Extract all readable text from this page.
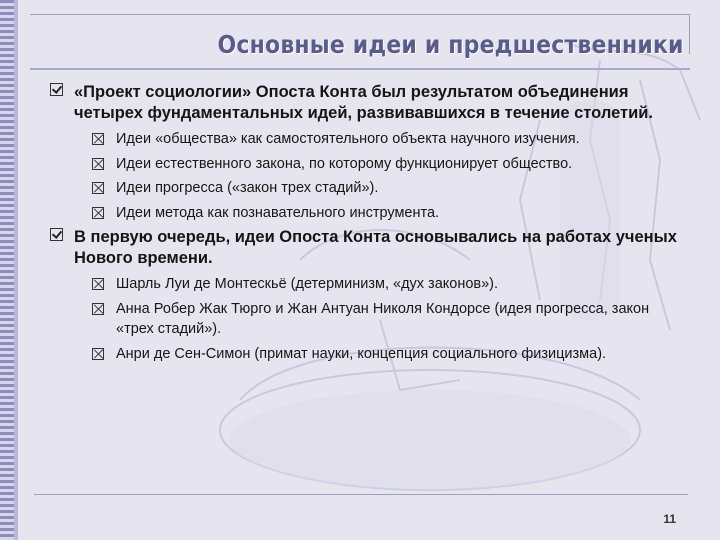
Основные идеи и предшественники
«Проект социологии» Опоста Конта был результатом объединения четырех фундаментальных идей, развивавшихся в течение столетий.
Идеи «общества» как самостоятельного объекта научного изучения.
Идеи естественного закона, по которому функционирует общество.
Идеи прогресса («закон трех стадий»).
Идеи метода как познавательного инструмента.
В первую очередь, идеи Опоста Конта основывались на работах ученых Нового времени.
Шарль Луи де Монтескьё (детерминизм, «дух законов»).
Анна Робер Жак Тюрго и Жан Антуан Николя Кондорсе (идея прогресса, закон «трех стадий»).
Анри де Сен-Симон (примат науки, концепция социального физицизма).
11
